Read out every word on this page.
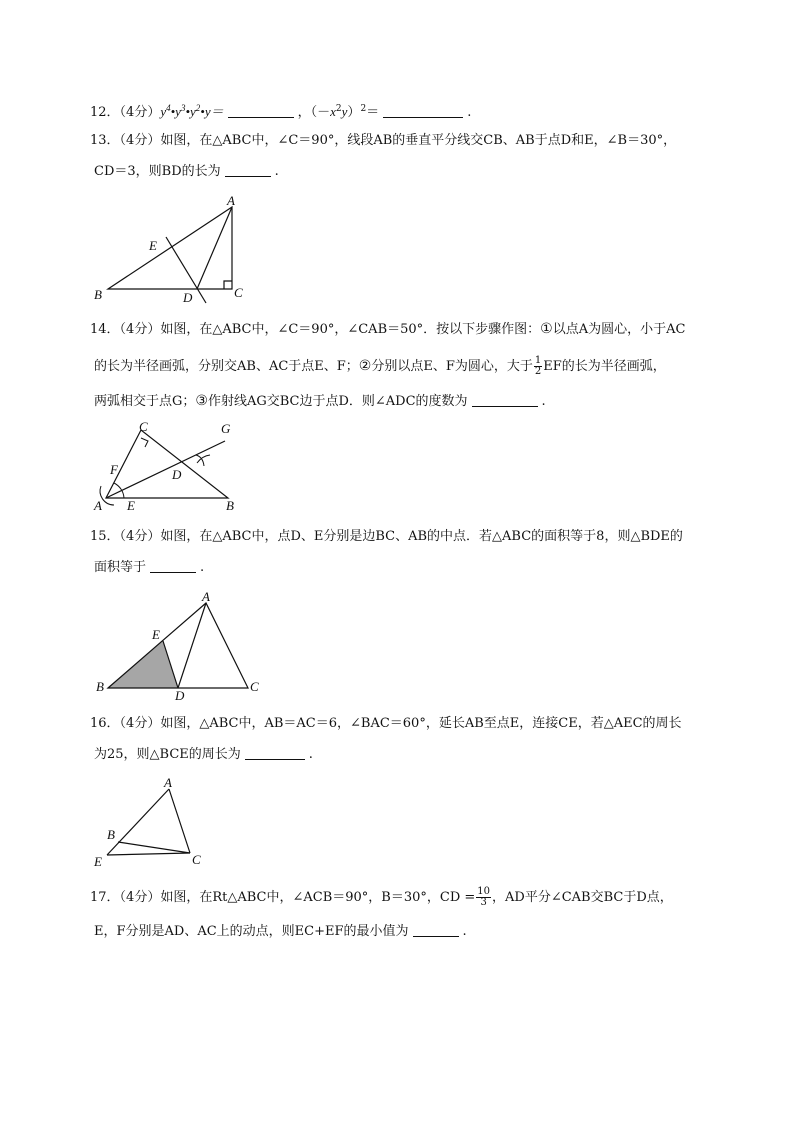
12．（4分）$y^4•y^3•y^2•y=$	，$(-x^2y)^2=$	.
13．（4分）如图，在△ABC中，∠C＝90°，线段AB的垂直平分线交CB、AB于点D和E，∠B＝30°，
CD＝3，则BD的长为	.
A
B	C
D
E
A	B
C
D
E
F
G
A
B	C
D
E
A
B
C
E
14．（4分）如图，在△ABC中，∠C＝90°，∠CAB＝50°．按以下步骤作图：①以点A为圆心，小于AC
的长为半径画弧，分别交AB、AC于点E、F；②分别以点E、F为圆心，大于 $\frac{1}{2}$ EF的长为半径画弧，
两弧相交于点G；③作射线AG交BC边于点D．则∠ADC的度数为	.
15．（4分）如图，在△ABC中，点D、E分别是边BC、AB的中点．若△ABC的面积等于8，则△BDE的
面积等于	.
16．（4分）如图，△ABC中，AB＝AC＝6，∠BAC＝60°，延长AB至点E，连接CE，若△AEC的周长
为25，则△BCE的周长为	.
17．（4分）如图，在Rt△ABC中，∠ACB＝90°，B＝30°，CD = $\frac{10}{3}$ ，AD平分∠CAB交BC于D点，
E，F分别是AD、AC上的动点，则EC+EF的最小值为	.
